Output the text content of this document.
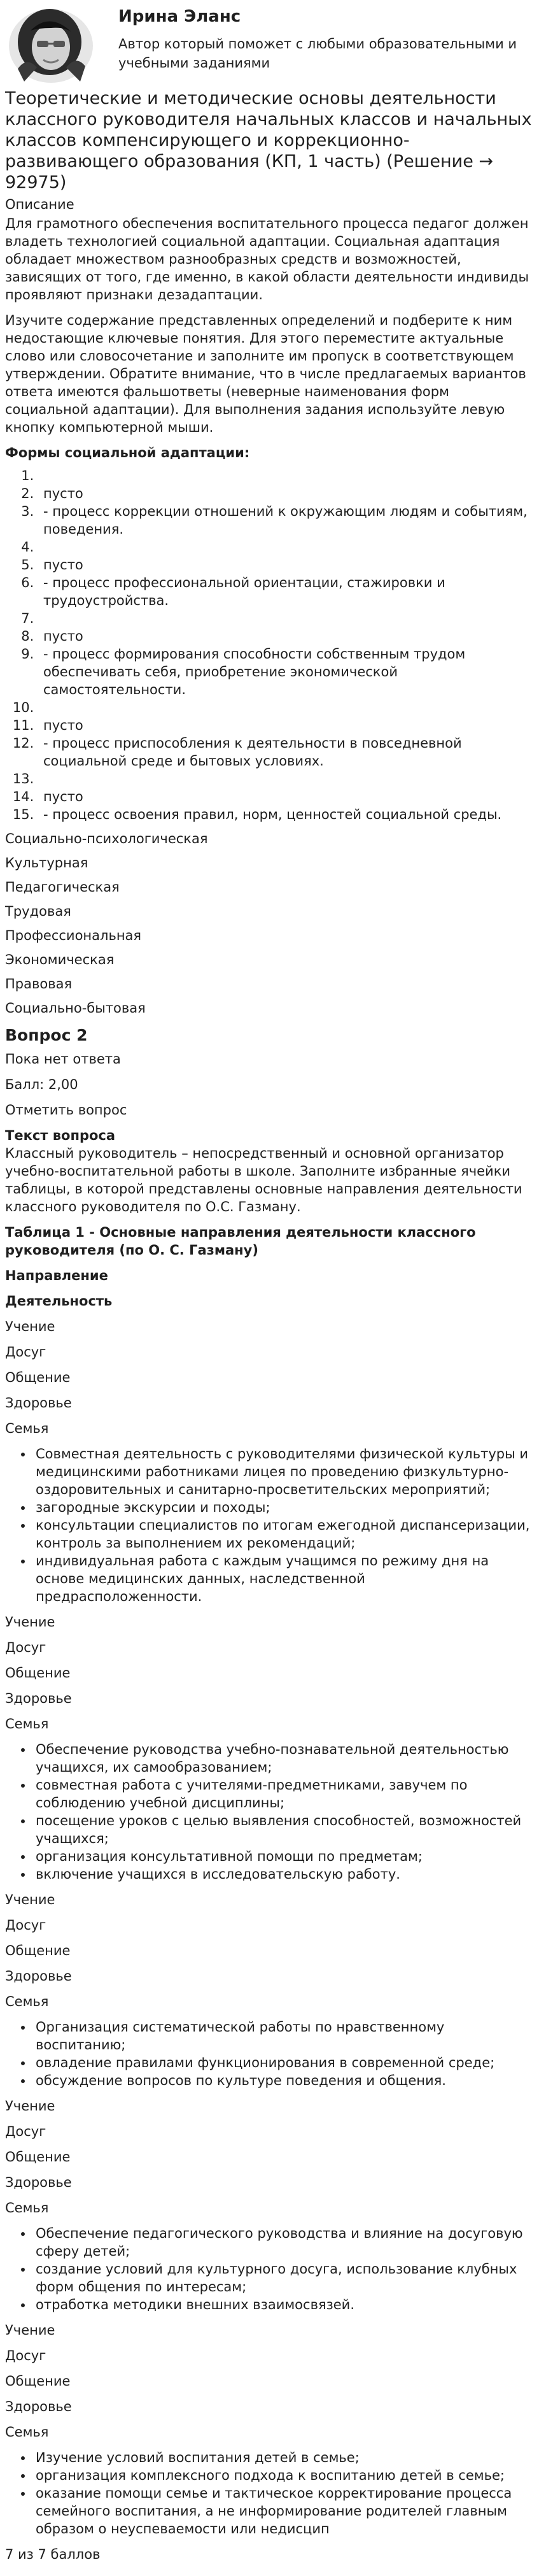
Ирина Эланс
Автор который поможет с любыми образовательными и учебными заданиями
Теоретические и методические основы деятельности классного руководителя начальных классов и начальных классов компенсирующего и коррекционно-развивающего образования (КП, 1 часть) (Решение → 92975)
Описание

Для грамотного обеспечения воспитательного процесса педагог должен владеть технологией социальной адаптации. Социальная адаптация обладает множеством разнообразных средств и возможностей, зависящих от того, где именно, в какой области деятельности индивиды проявляют признаки дезадаптации.

Изучите содержание представленных определений и подберите к ним недостающие ключевые понятия. Для этого переместите актуальные слово или словосочетание и заполните им пропуск в соответствующем утверждении. Обратите внимание, что в числе предлагаемых вариантов ответа имеются фальшответы (неверные наименования форм социальной адаптации). Для выполнения задания используйте левую кнопку компьютерной мыши.

Формы социальной адаптации:
1.
2. пусто
3. - процесс коррекции отношений к окружающим людям и событиям, поведения.
4.
5. пусто
6. - процесс профессиональной ориентации, стажировки и трудоустройства.
7.
8. пусто
9. - процесс формирования способности собственным трудом обеспечивать себя, приобретение экономической самостоятельности.
10.
11. пусто
12. - процесс приспособления к деятельности в повседневной социальной среде и бытовых условиях.
13.
14. пусто
15. - процесс освоения правил, норм, ценностей социальной среды.
Социально-психологическая
Культурная
Педагогическая
Трудовая
Профессиональная
Экономическая
Правовая
Социально-бытовая
Вопрос 2
Пока нет ответа
Балл: 2,00
Отметить вопрос
Текст вопроса

Классный руководитель – непосредственный и основной организатор учебно-воспитательной работы в школе. Заполните избранные ячейки таблицы, в которой представлены основные направления деятельности классного руководителя по О.С. Газману.

Таблица 1 - Основные направления деятельности классного руководителя (по О. С. Газману)
Направление
Деятельность
Учение
Досуг
Общение
Здоровье
Семья
• Совместная деятельность с руководителями физической культуры и медицинскими работниками лицея по проведению физкультурно-оздоровительных и санитарно-просветительских мероприятий;
• загородные экскурсии и походы;
• консультации специалистов по итогам ежегодной диспансеризации, контроль за выполнением их рекомендаций;
• индивидуальная работа с каждым учащимся по режиму дня на основе медицинских данных, наследственной предрасположенности.
Учение
Досуг
Общение
Здоровье
Семья
• Обеспечение руководства учебно-познавательной деятельностью учащихся, их самообразованием;
• совместная работа с учителями-предметниками, завучем по соблюдению учебной дисциплины;
• посещение уроков с целью выявления способностей, возможностей учащихся;
• организация консультативной помощи по предметам;
• включение учащихся в исследовательскую работу.
Учение
Досуг
Общение
Здоровье
Семья
• Организация систематической работы по нравственному воспитанию;
• овладение правилами функционирования в современной среде;
• обсуждение вопросов по культуре поведения и общения.
Учение
Досуг
Общение
Здоровье
Семья
• Обеспечение педагогического руководства и влияние на досуговую сферу детей;
• создание условий для культурного досуга, использование клубных форм общения по интересам;
• отработка методики внешних взаимосвязей.
Учение
Досуг
Общение
Здоровье
Семья
• Изучение условий воспитания детей в семье;
• организация комплексного подхода к воспитанию детей в семье;
• оказание помощи семье и тактическое корректирование процесса семейного воспитания, а не информирование родителей главным образом о неуспеваемости или недисцип
7 из 7 баллов
